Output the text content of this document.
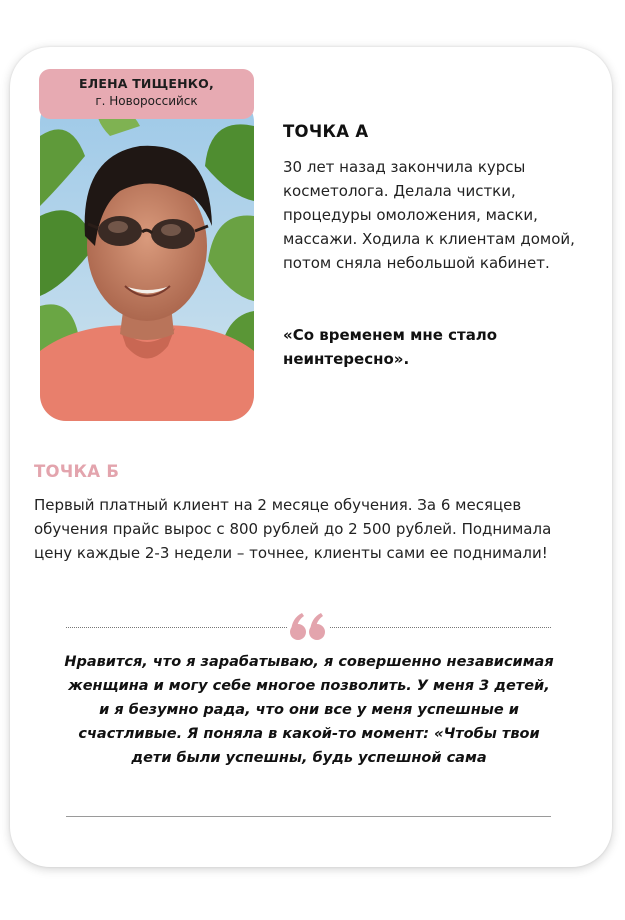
ЕЛЕНА ТИЩЕНКО,
г. Новороссийск
ТОЧКА А
30 лет назад закончила курсы косметолога. Делала чистки, процедуры омоложения, маски, массажи. Ходила к клиентам домой, потом сняла небольшой кабинет.
«Со временем мне стало неинтересно».
ТОЧКА Б
Первый платный клиент на 2 месяце обучения. За 6 месяцев обучения прайс вырос с 800 рублей до 2 500 рублей. Поднимала цену каждые 2-3 недели – точнее, клиенты сами ее поднимали!
Нравится, что я зарабатываю, я совершенно независимая женщина и могу себе многое позволить. У меня 3 детей, и я безумно рада, что они все у меня успешные и счастливые. Я поняла в какой-то момент: «Чтобы твои дети были успешны, будь успешной сама
